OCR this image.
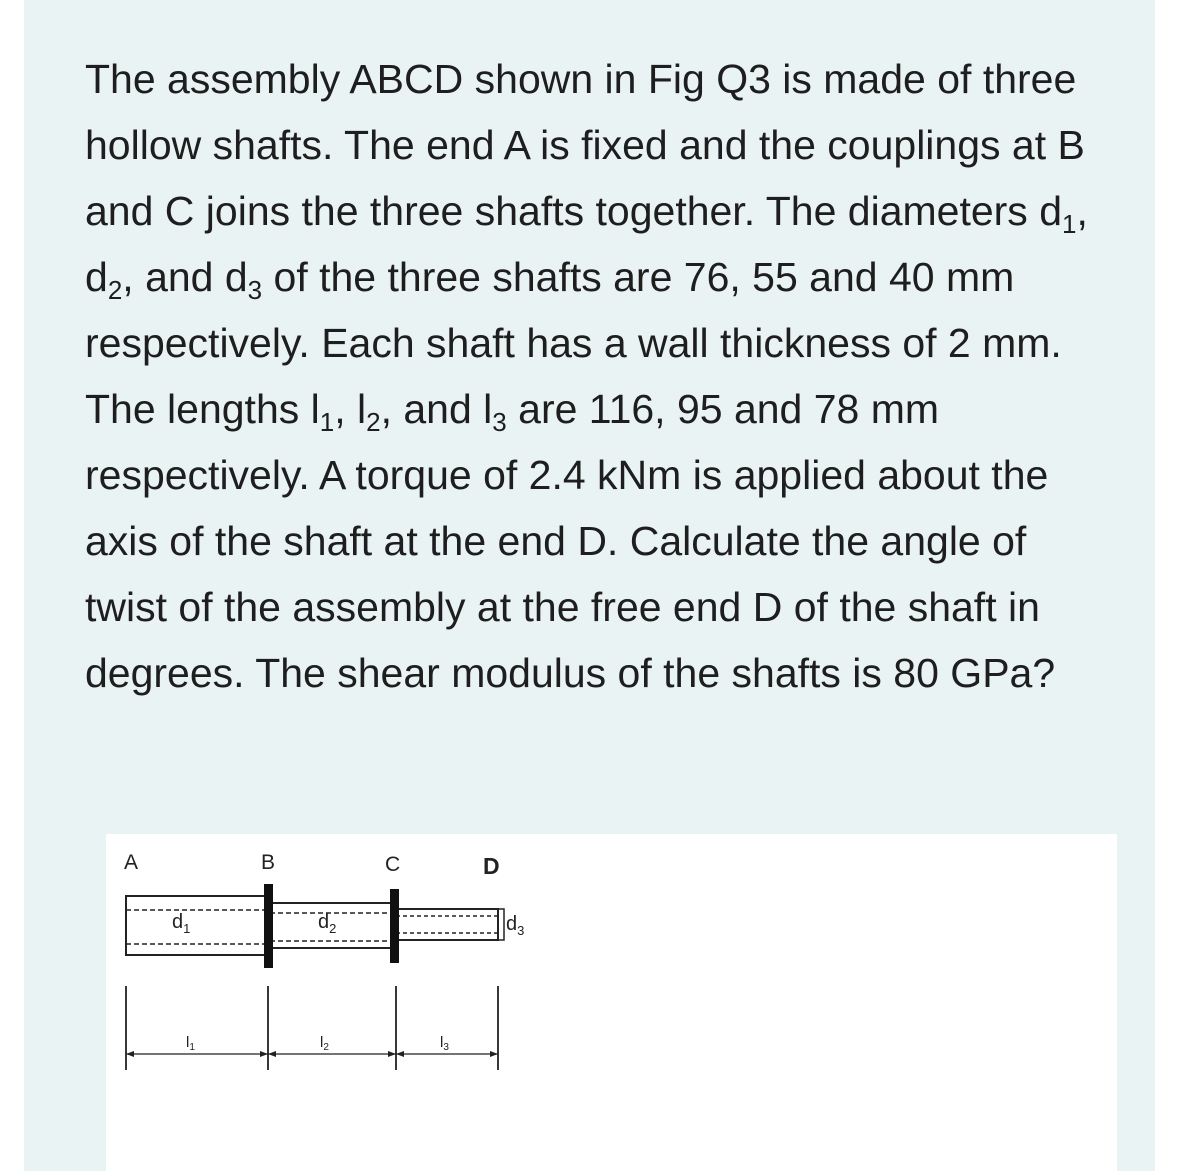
The assembly ABCD shown in Fig Q3 is made of three hollow shafts. The end A is fixed and the couplings at B and C joins the three shafts together. The diameters $d_1$, $d_2$, and $d_3$ of the three shafts are 76, 55 and 40 mm respectively. Each shaft has a wall thickness of 2 mm. The lengths $l_1$, $l_2$, and $l_3$ are 116, 95 and 78 mm respectively. A torque of 2.4 kNm is applied about the axis of the shaft at the end D. Calculate the angle of twist of the assembly at the free end D of the shaft in degrees. The shear modulus of the shafts is 80 GPa?

A	B	C	D
$d_1$	$d_2$	$d_3$
$l_1$	$l_2$	$l_3$
